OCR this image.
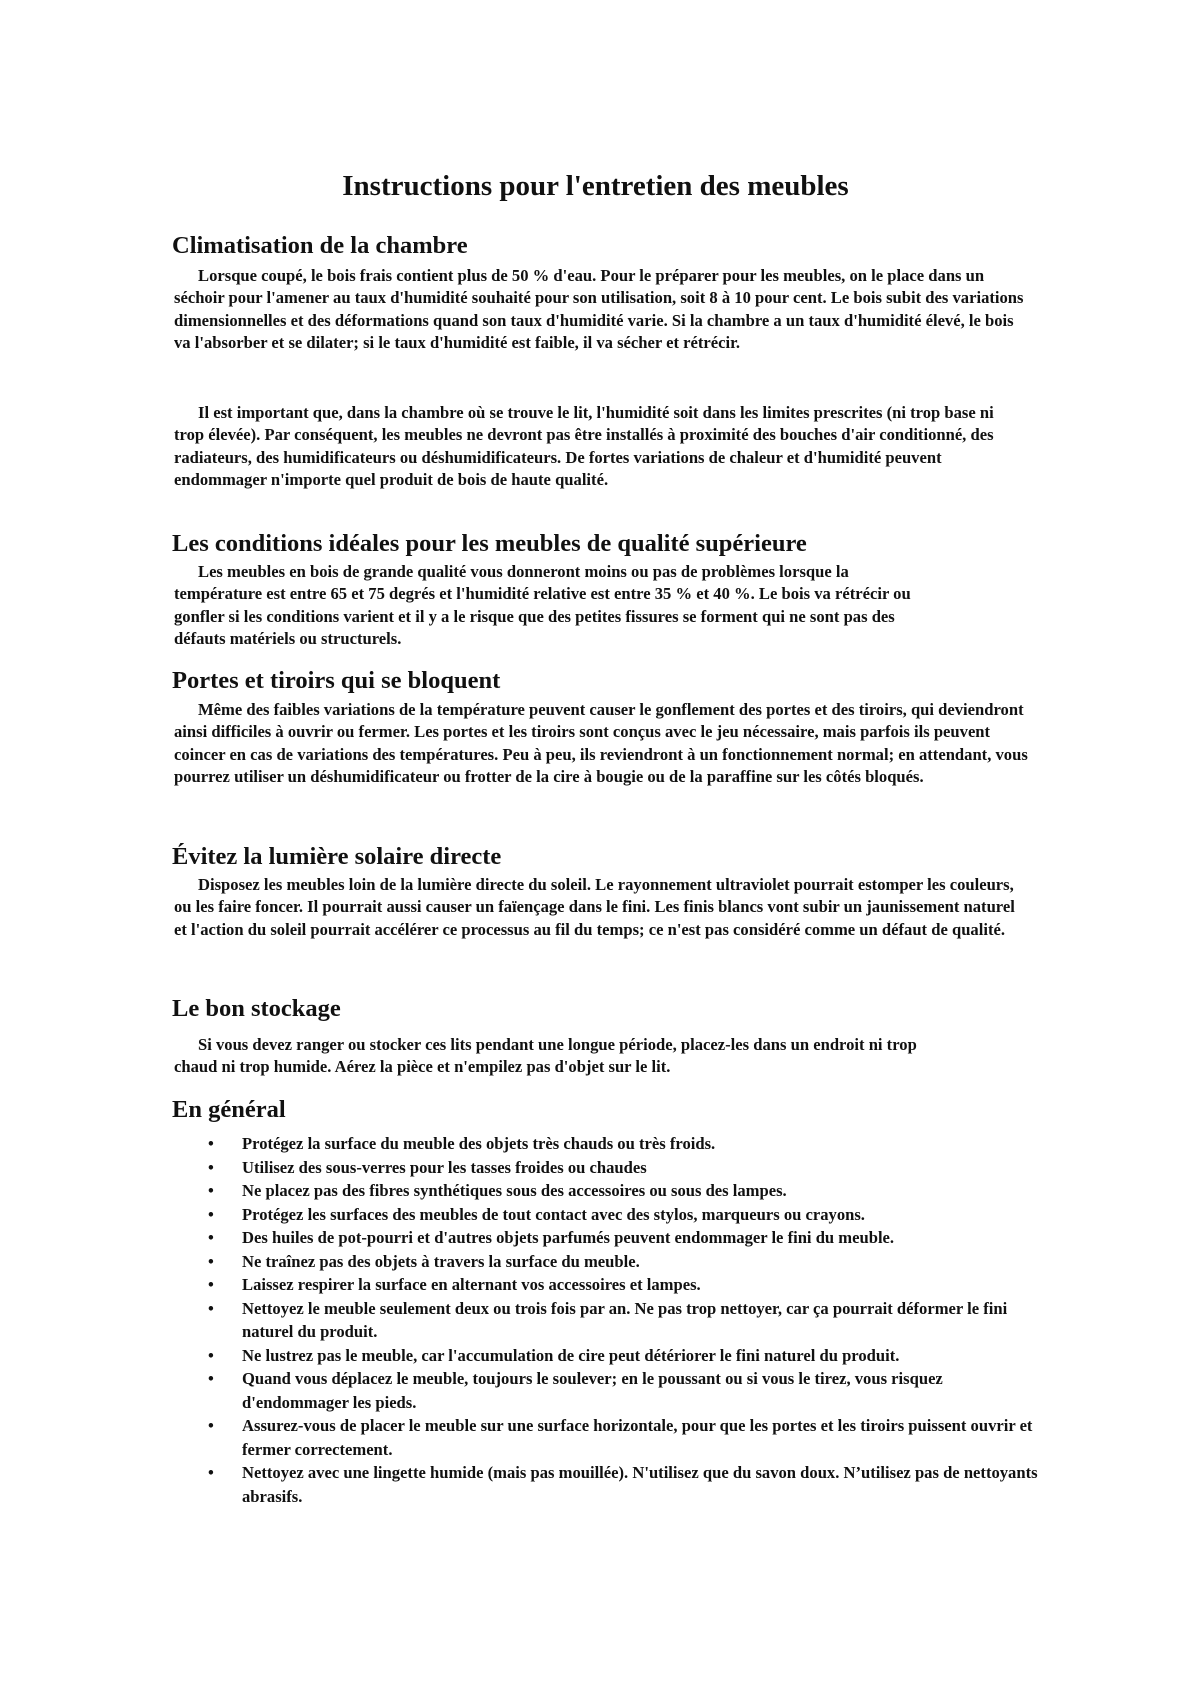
Instructions pour l'entretien des meubles
Climatisation de la chambre
Lorsque coupé, le bois frais contient plus de 50 % d'eau. Pour le préparer pour les meubles, on le place dans un séchoir pour l'amener au taux d'humidité souhaité pour son utilisation, soit 8 à 10 pour cent. Le bois subit des variations dimensionnelles et des déformations quand son taux d'humidité varie. Si la chambre a un taux d'humidité élevé, le bois va l'absorber et se dilater; si le taux d'humidité est faible, il va sécher et rétrécir.
Il est important que, dans la chambre où se trouve le lit, l'humidité soit dans les limites prescrites (ni trop base ni trop élevée). Par conséquent, les meubles ne devront pas être installés à proximité des bouches d'air conditionné, des radiateurs, des humidificateurs ou déshumidificateurs. De fortes variations de chaleur et d'humidité peuvent endommager n'importe quel produit de bois de haute qualité.
Les conditions idéales pour les meubles de qualité supérieure
Les meubles en bois de grande qualité vous donneront moins ou pas de problèmes lorsque la température est entre 65 et 75 degrés et l'humidité relative est entre 35 % et 40 %. Le bois va rétrécir ou gonfler si les conditions varient et il y a le risque que des petites fissures se forment qui ne sont pas des défauts matériels ou structurels.
Portes et tiroirs qui se bloquent
Même des faibles variations de la température peuvent causer le gonflement des portes et des tiroirs, qui deviendront ainsi difficiles à ouvrir ou fermer. Les portes et les tiroirs sont conçus avec le jeu nécessaire, mais parfois ils peuvent coincer en cas de variations des températures. Peu à peu, ils reviendront à un fonctionnement normal; en attendant, vous pourrez utiliser un déshumidificateur ou frotter de la cire à bougie ou de la paraffine sur les côtés bloqués.
Évitez la lumière solaire directe
Disposez les meubles loin de la lumière directe du soleil. Le rayonnement ultraviolet pourrait estomper les couleurs, ou les faire foncer. Il pourrait aussi causer un faïençage dans le fini. Les finis blancs vont subir un jaunissement naturel et l'action du soleil pourrait accélérer ce processus au fil du temps; ce n'est pas considéré comme un défaut de qualité.
Le bon stockage
Si vous devez ranger ou stocker ces lits pendant une longue période, placez-les dans un endroit ni trop chaud ni trop humide. Aérez la pièce et n'empilez pas d'objet sur le lit.
En général
• Protégez la surface du meuble des objets très chauds ou très froids.
• Utilisez des sous-verres pour les tasses froides ou chaudes
• Ne placez pas des fibres synthétiques sous des accessoires ou sous des lampes.
• Protégez les surfaces des meubles de tout contact avec des stylos, marqueurs ou crayons.
• Des huiles de pot-pourri et d'autres objets parfumés peuvent endommager le fini du meuble.
• Ne traînez pas des objets à travers la surface du meuble.
• Laissez respirer la surface en alternant vos accessoires et lampes.
• Nettoyez le meuble seulement deux ou trois fois par an. Ne pas trop nettoyer, car ça pourrait déformer le fini naturel du produit.
• Ne lustrez pas le meuble, car l'accumulation de cire peut détériorer le fini naturel du produit.
• Quand vous déplacez le meuble, toujours le soulever; en le poussant ou si vous le tirez, vous risquez d'endommager les pieds.
• Assurez-vous de placer le meuble sur une surface horizontale, pour que les portes et les tiroirs puissent ouvrir et fermer correctement.
• Nettoyez avec une lingette humide (mais pas mouillée). N'utilisez que du savon doux. N’utilisez pas de nettoyants abrasifs.
